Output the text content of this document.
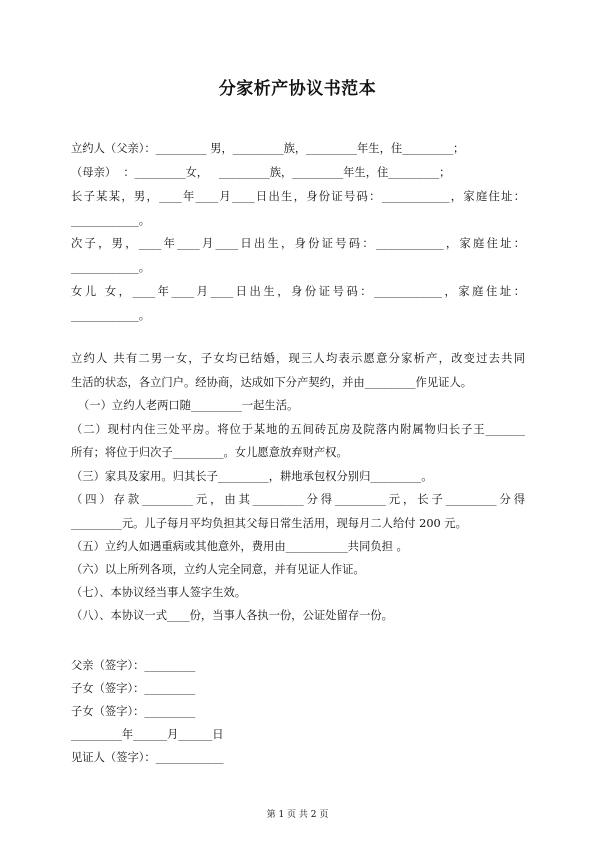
分家析产协议书范本
立约人（父亲）：_________ 男，_________族，_________年生，住_________；
（母亲）  ：_________女，   _________族，_________年生，住_________；
长子某某，男，____年____月____日出生，身份证号码：____________，家庭住址：
____________。
次子，男，____年____月____日出生，身份证号码：____________，家庭住址：
____________。
女儿 女，____年____月____日出生，身份证号码：____________，家庭住址：
____________。
立约人 共有二男一女，子女均已结婚，现三人均表示愿意分家析产，改变过去共同
生活的状态，各立门户。经协商，达成如下分产契约，并由_________作见证人。
（一）立约人老两口随_________一起生活。
（二）现村内住三处平房。将位于某地的五间砖瓦房及院落内附属物归长子王_______
所有；将位于归次子_________。女儿愿意放弃财产权。
（三）家具及家用。归其长子_________，耕地承包权分别归_________。
（四）存款_________元，由其_________分得_________元，长子_________分得
_________元。儿子每月平均负担其父每日常生活用，现每月二人给付 200 元。
（五）立约人如遇重病或其他意外，费用由___________共同负担 。
（六）以上所列各项，立约人完全同意，并有见证人作证。
（七）、本协议经当事人签字生效。
（八）、本协议一式____份，当事人各执一份，公证处留存一份。
父亲（签字）：_________
子女（签字）：_________
子女（签字）：_________
_________年______月______日
见证人（签字）：____________
第 1 页 共 2 页
